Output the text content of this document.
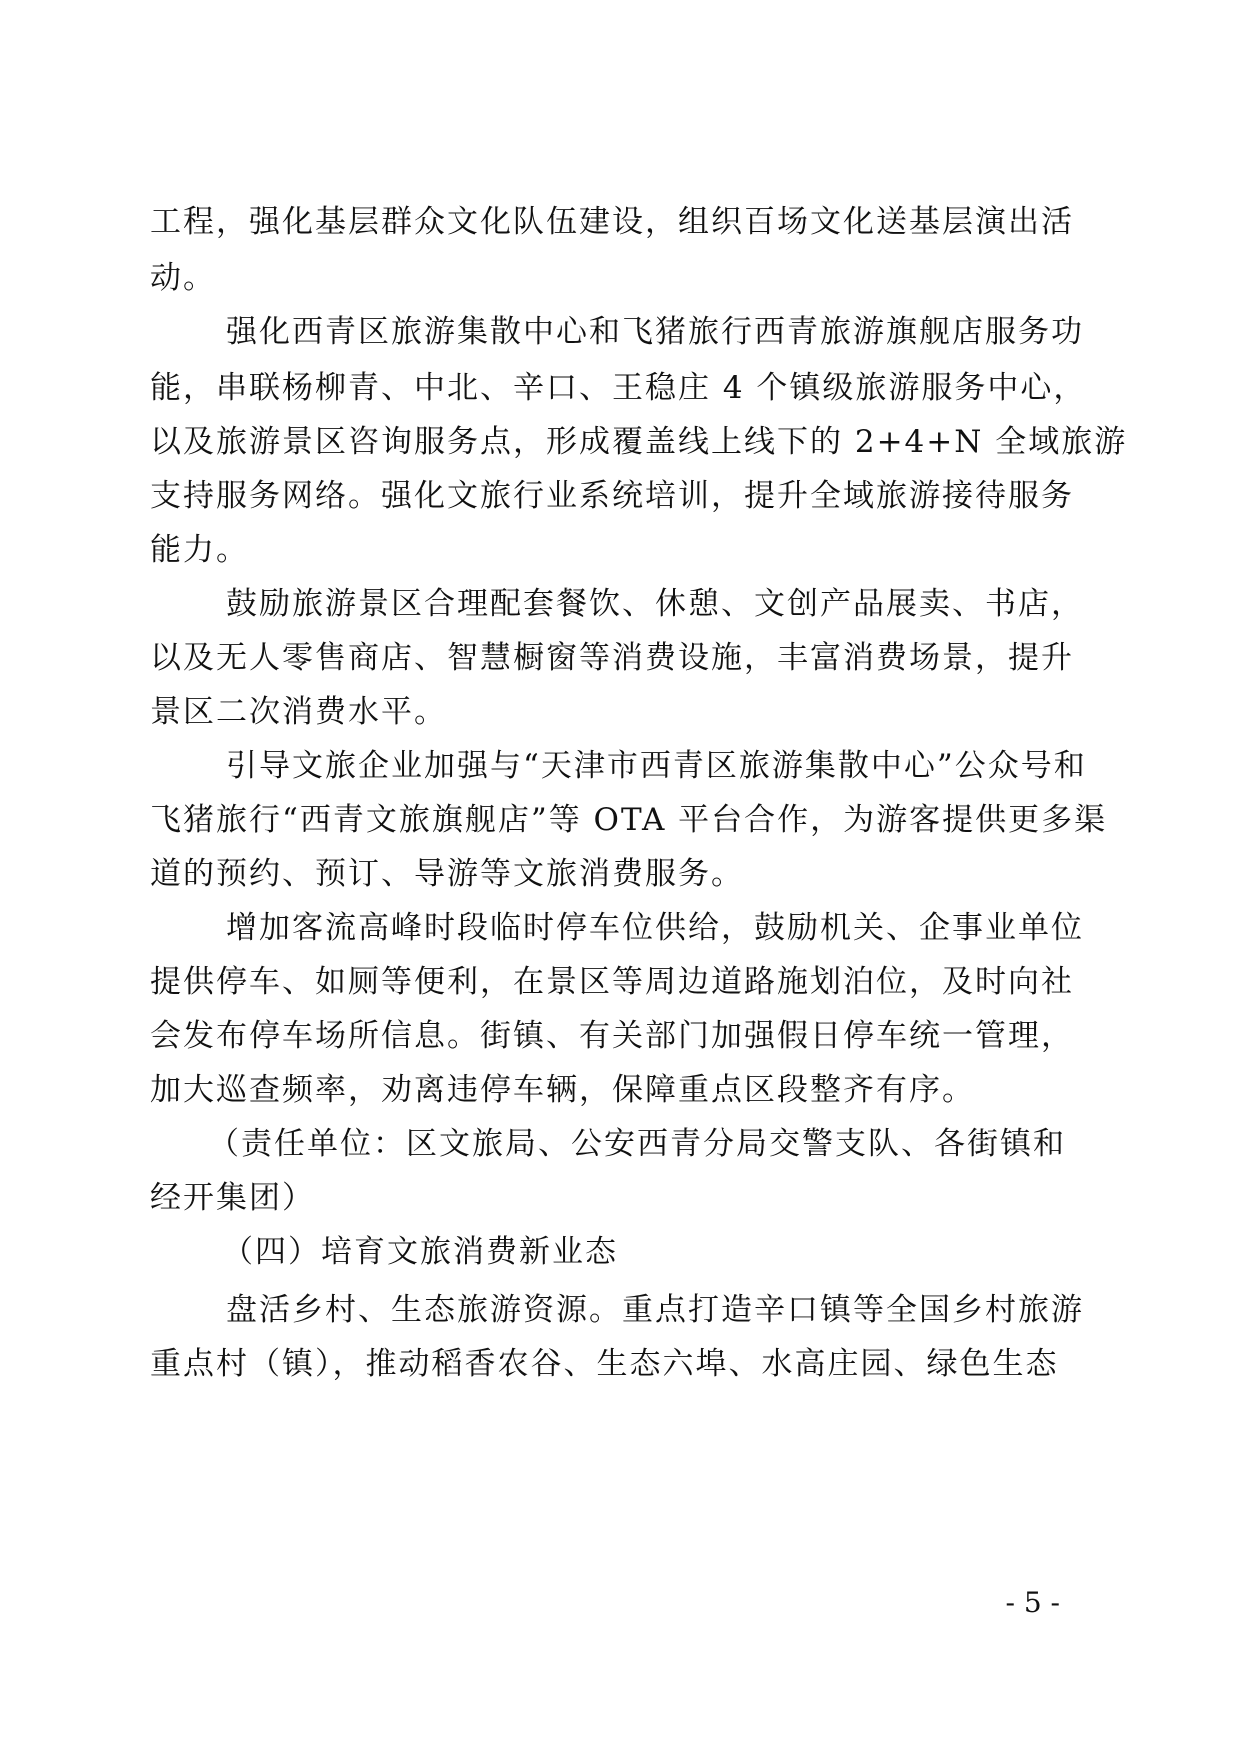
工程，强化基层群众文化队伍建设，组织百场文化送基层演出活
动。
强化西青区旅游集散中心和飞猪旅行西青旅游旗舰店服务功
能，串联杨柳青、中北、辛口、王稳庄 4 个镇级旅游服务中心，
以及旅游景区咨询服务点，形成覆盖线上线下的 2+4+N 全域旅游
支持服务网络。强化文旅行业系统培训，提升全域旅游接待服务
能力。
鼓励旅游景区合理配套餐饮、休憩、文创产品展卖、书店，
以及无人零售商店、智慧橱窗等消费设施，丰富消费场景，提升
景区二次消费水平。
引导文旅企业加强与“天津市西青区旅游集散中心”公众号和
飞猪旅行“西青文旅旗舰店”等 OTA 平台合作，为游客提供更多渠
道的预约、预订、导游等文旅消费服务。
增加客流高峰时段临时停车位供给，鼓励机关、企事业单位
提供停车、如厕等便利，在景区等周边道路施划泊位，及时向社
会发布停车场所信息。街镇、有关部门加强假日停车统一管理，
加大巡查频率，劝离违停车辆，保障重点区段整齐有序。
（责任单位：区文旅局、公安西青分局交警支队、各街镇和
经开集团）
（四）培育文旅消费新业态
盘活乡村、生态旅游资源。重点打造辛口镇等全国乡村旅游
重点村（镇），推动稻香农谷、生态六埠、水高庄园、绿色生态
- 5 -
